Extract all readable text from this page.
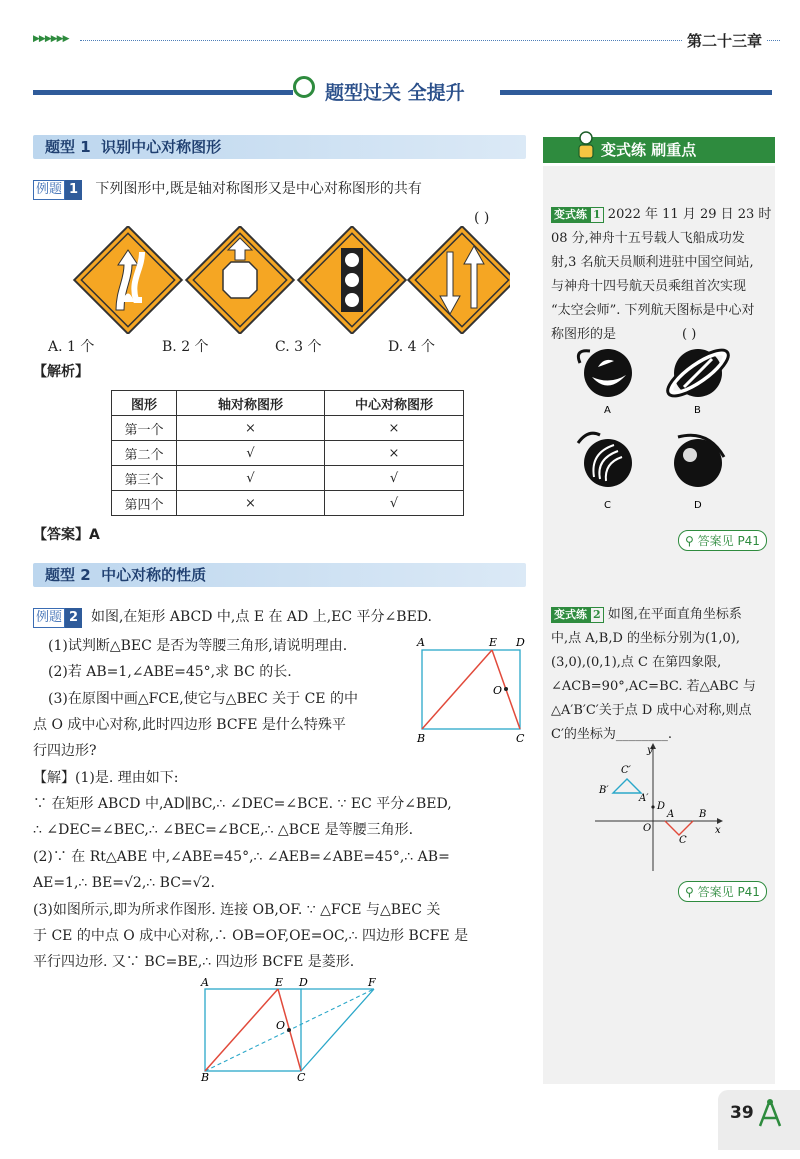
▶▶▶▶▶▶	第二十三章
题型过关 全提升
题型 1 识别中心对称图形
例题 1 下列图形中,既是轴对称图形又是中心对称图形的共有
( )
A. 1 个	B. 2 个	C. 3 个	D. 4 个
【解析】
图形	轴对称图形	中心对称图形
第一个	×	×
第二个	√	×
第三个	√	√
第四个	×	√
【答案】A
题型 2 中心对称的性质
例题 2 如图,在矩形 ABCD 中,点 E 在 AD 上,EC 平分∠BED.
(1)试判断△BEC 是否为等腰三角形,请说明理由.
(2)若 AB=1,∠ABE=45°,求 BC 的长.
(3)在原图中画△FCE,使它与△BEC 关于 CE 的中
点 O 成中心对称,此时四边形 BCFE 是什么特殊平
行四边形?
A	E D
O
B	C
【解】(1)是. 理由如下:
∵ 在矩形 ABCD 中,AD∥BC,∴ ∠DEC=∠BCE. ∵ EC 平分∠BED,
∴ ∠DEC=∠BEC,∴ ∠BEC=∠BCE,∴ △BCE 是等腰三角形.
(2)∵ 在 Rt△ABE 中,∠ABE=45°,∴ ∠AEB=∠ABE=45°,∴ AB=
AE=1,∴ BE=√2,∴ BC=√2.
(3)如图所示,即为所求作图形. 连接 OB,OF. ∵ △FCE 与△BEC 关
于 CE 的中点 O 成中心对称,∴ OB=OF,OE=OC,∴ 四边形 BCFE 是
平行四边形. 又∵ BC=BE,∴ 四边形 BCFE 是菱形.
A	E D	F
O
B	C
变式练 刷重点
变式练 1 2022 年 11 月 29 日 23 时
08 分,神舟十五号载人飞船成功发
射,3 名航天员顺利进驻中国空间站,
与神舟十四号航天员乘组首次实现
“太空会师”. 下列航天图标是中心对
称图形的是	( )
A	B
C	D
⚲ 答案见 P41
变式练 2 如图,在平面直角坐标系
中,点 A,B,D 的坐标分别为(1,0),
(3,0),(0,1),点 C 在第四象限,
∠ACB=90°,AC=BC. 若△ABC 与
△A′B′C′关于点 D 成中心对称,则点
C′的坐标为________.
y
C′
B′
A′
D
A B
O
C
x
⚲ 答案见 P41
39
